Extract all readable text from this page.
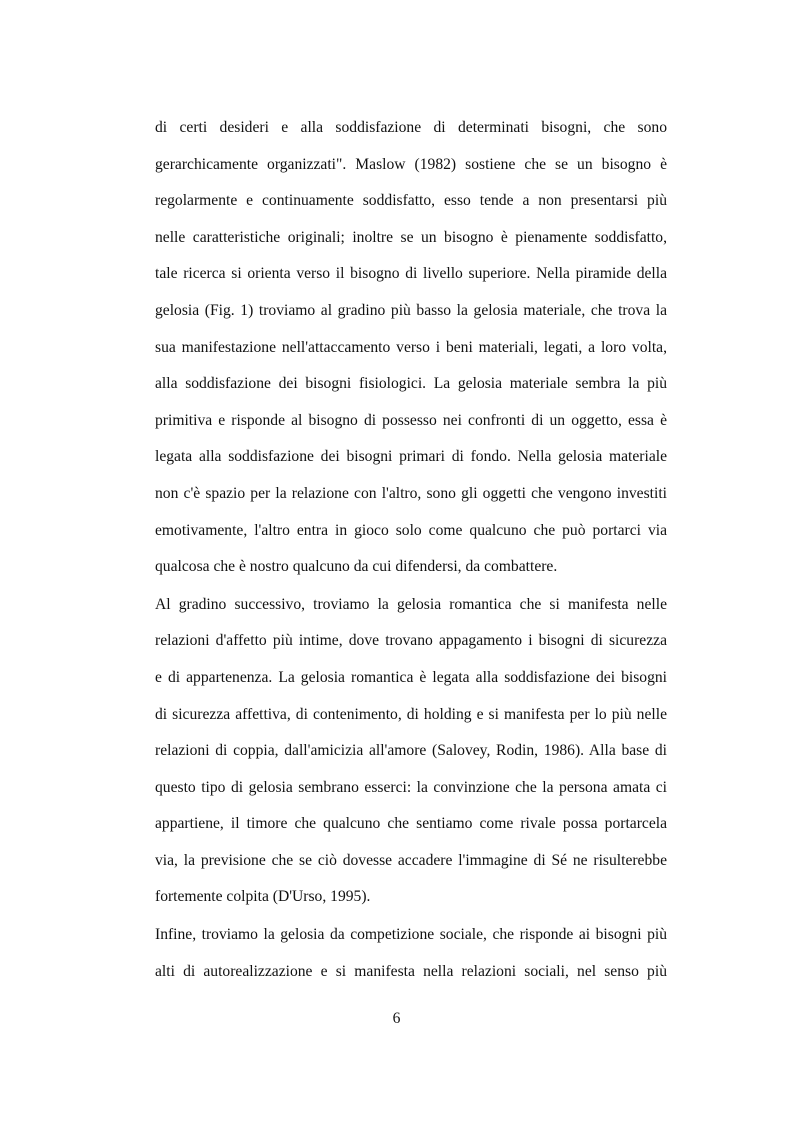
di certi desideri e alla soddisfazione di determinati bisogni, che sono
gerarchicamente organizzati". Maslow (1982) sostiene che se un bisogno è
regolarmente e continuamente soddisfatto, esso tende a non presentarsi più
nelle caratteristiche originali; inoltre se un bisogno è pienamente soddisfatto,
tale ricerca si orienta verso il bisogno di livello superiore. Nella piramide della
gelosia (Fig. 1) troviamo al gradino più basso la gelosia materiale, che trova la
sua manifestazione nell'attaccamento verso i beni materiali, legati, a loro volta,
alla soddisfazione dei bisogni fisiologici. La gelosia materiale sembra la più
primitiva e risponde al bisogno di possesso nei confronti di un oggetto, essa è
legata alla soddisfazione dei bisogni primari di fondo. Nella gelosia materiale
non c'è spazio per la relazione con l'altro, sono gli oggetti che vengono investiti
emotivamente, l'altro entra in gioco solo come qualcuno che può portarci via
qualcosa che è nostro qualcuno da cui difendersi, da combattere.
Al gradino successivo, troviamo la gelosia romantica che si manifesta nelle
relazioni d'affetto più intime, dove trovano appagamento i bisogni di sicurezza
e di appartenenza. La gelosia romantica è legata alla soddisfazione dei bisogni
di sicurezza affettiva, di contenimento, di holding e si manifesta per lo più nelle
relazioni di coppia, dall'amicizia all'amore (Salovey, Rodin, 1986). Alla base di
questo tipo di gelosia sembrano esserci: la convinzione che la persona amata ci
appartiene, il timore che qualcuno che sentiamo come rivale possa portarcela
via, la previsione che se ciò dovesse accadere l'immagine di Sé ne risulterebbe
fortemente colpita (D'Urso, 1995).
Infine, troviamo la gelosia da competizione sociale, che risponde ai bisogni più
alti di autorealizzazione e si manifesta nella relazioni sociali, nel senso più
6
